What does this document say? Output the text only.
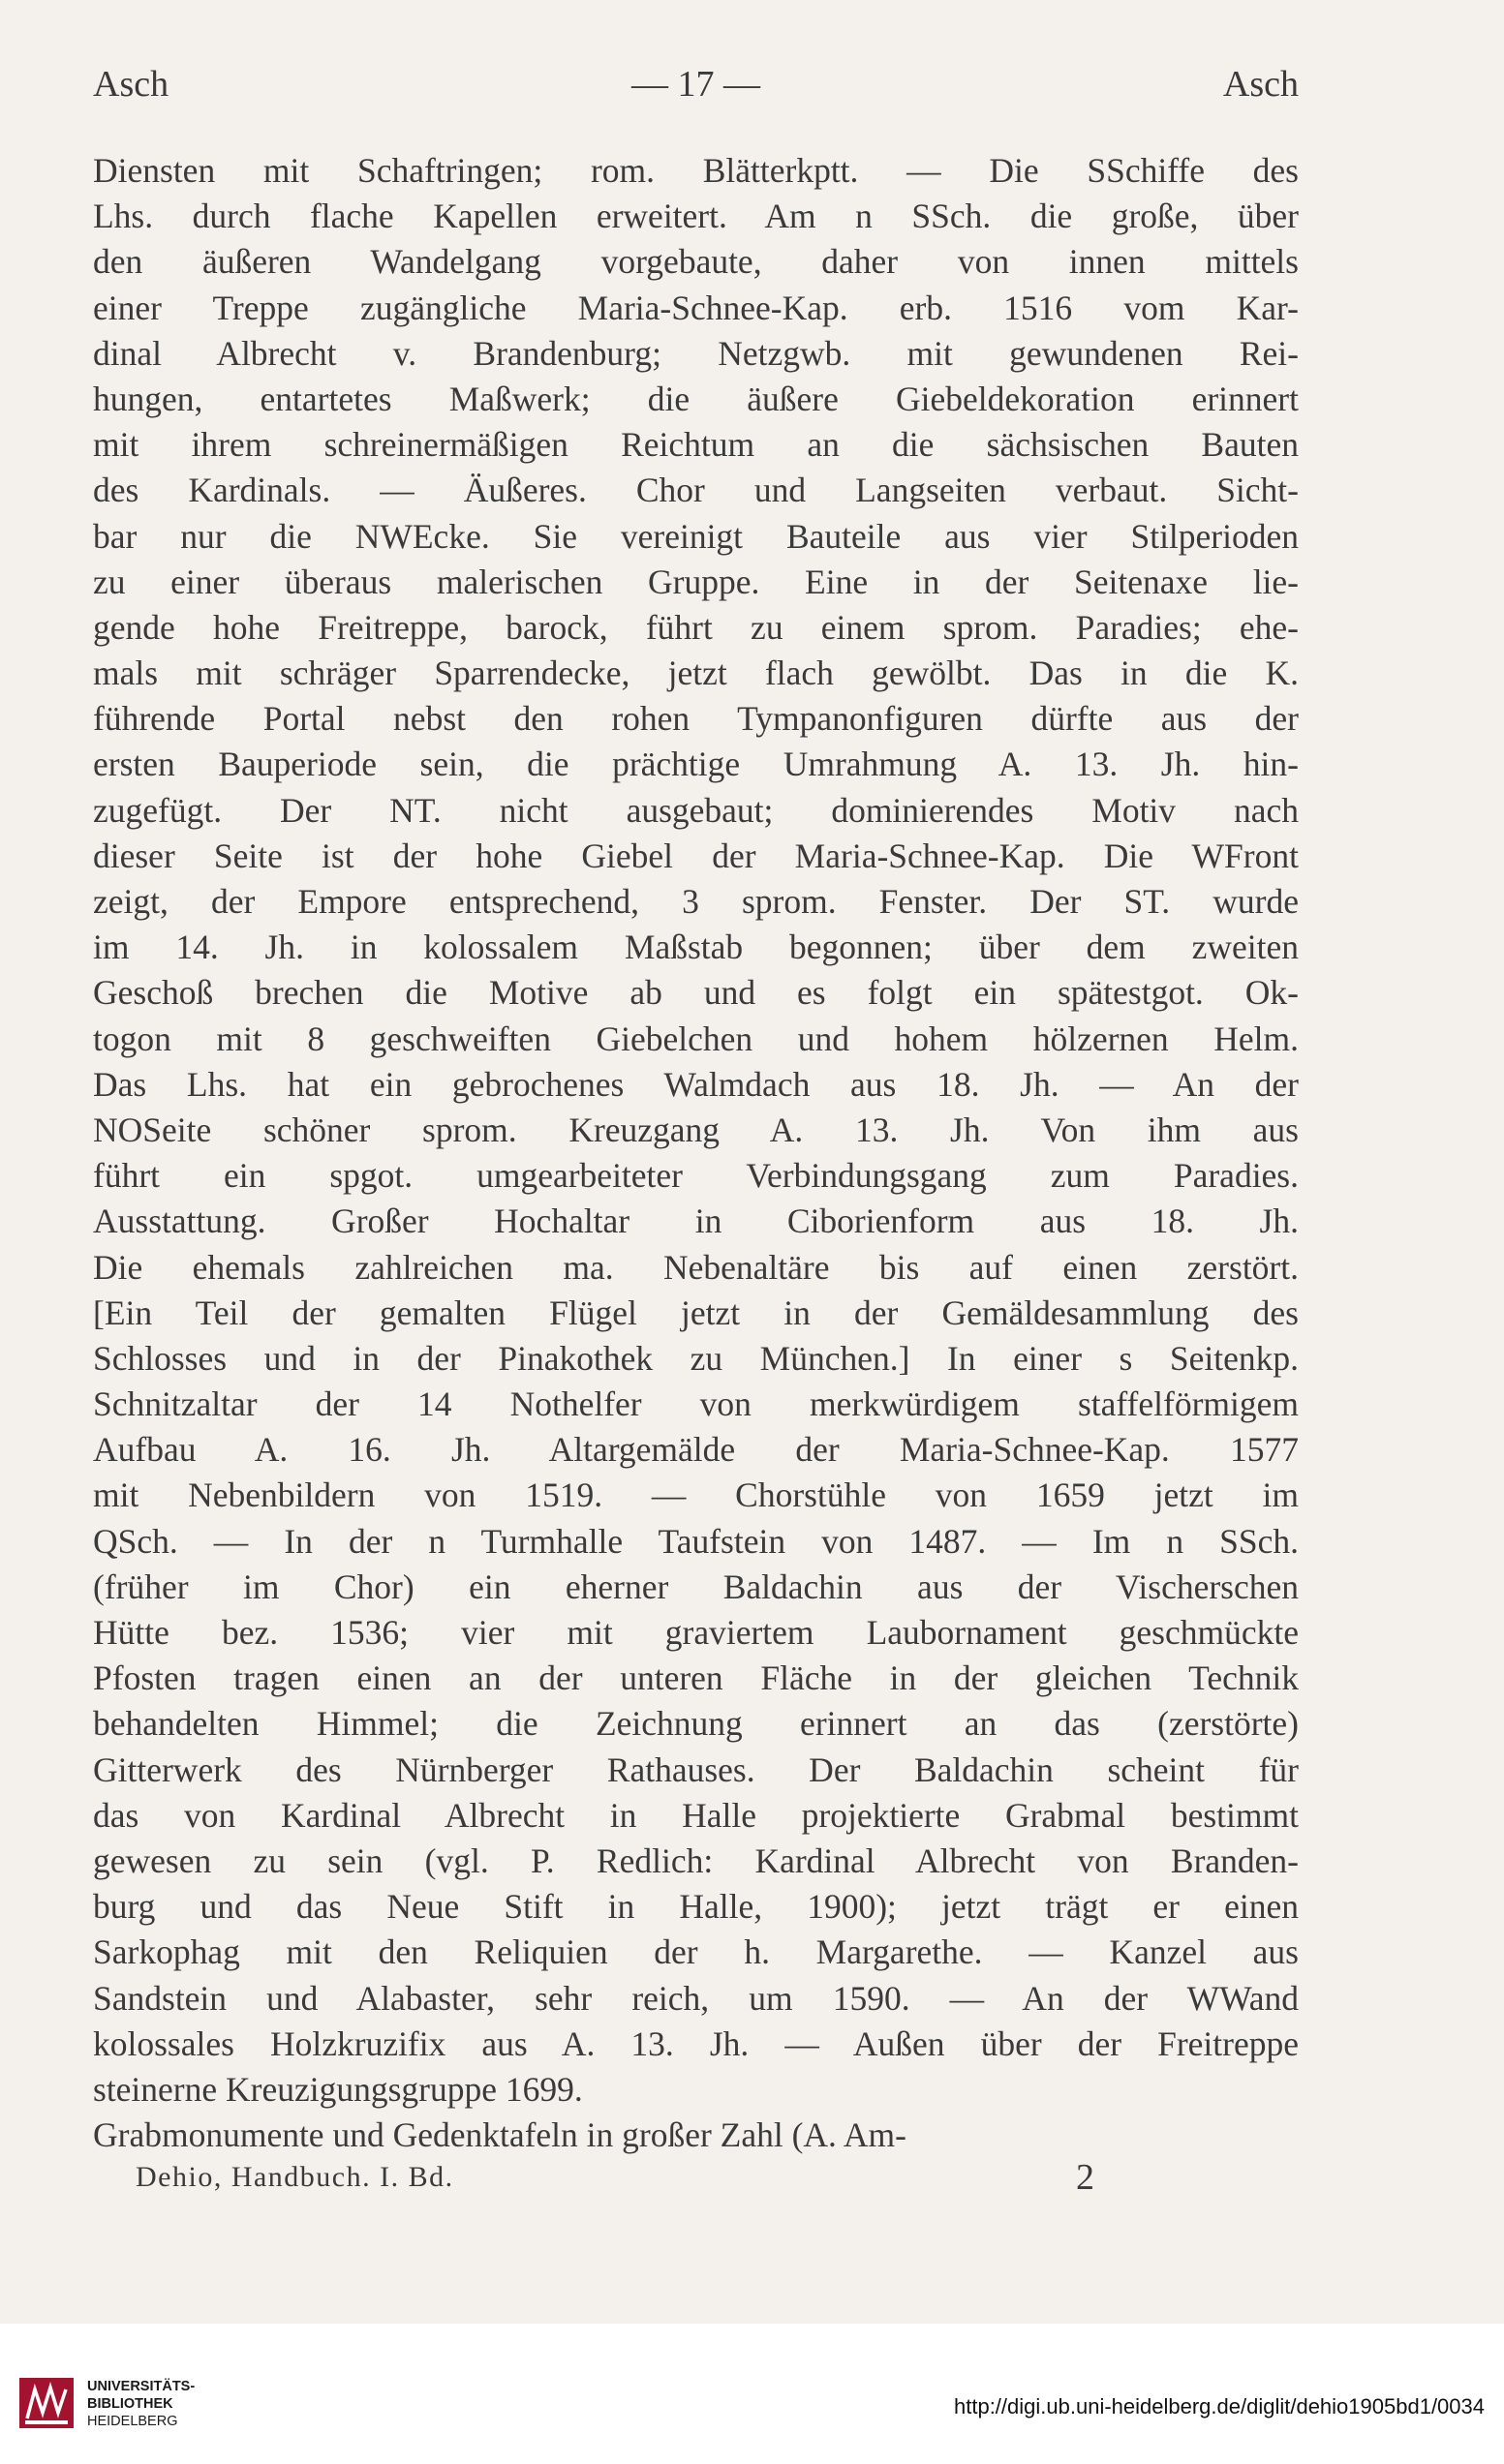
Asch	— 17 —	Asch
Diensten mit Schaftringen; rom. Blätterkptt. — Die SSchiffe des
Lhs. durch flache Kapellen erweitert. Am n SSch. die große, über
den äußeren Wandelgang vorgebaute, daher von innen mittels
einer Treppe zugängliche Maria-Schnee-Kap. erb. 1516 vom Kar-
dinal Albrecht v. Brandenburg; Netzgwb. mit gewundenen Rei-
hungen, entartetes Maßwerk; die äußere Giebeldekoration erinnert
mit ihrem schreinermäßigen Reichtum an die sächsischen Bauten
des Kardinals. — Äußeres. Chor und Langseiten verbaut. Sicht-
bar nur die NWEcke. Sie vereinigt Bauteile aus vier Stilperioden
zu einer überaus malerischen Gruppe. Eine in der Seitenaxe lie-
gende hohe Freitreppe, barock, führt zu einem sprom. Paradies; ehe-
mals mit schräger Sparrendecke, jetzt flach gewölbt. Das in die K.
führende Portal nebst den rohen Tympanonfiguren dürfte aus der
ersten Bauperiode sein, die prächtige Umrahmung A. 13. Jh. hin-
zugefügt. Der NT. nicht ausgebaut; dominierendes Motiv nach
dieser Seite ist der hohe Giebel der Maria-Schnee-Kap. Die WFront
zeigt, der Empore entsprechend, 3 sprom. Fenster. Der ST. wurde
im 14. Jh. in kolossalem Maßstab begonnen; über dem zweiten
Geschoß brechen die Motive ab und es folgt ein spätestgot. Ok-
togon mit 8 geschweiften Giebelchen und hohem hölzernen Helm.
Das Lhs. hat ein gebrochenes Walmdach aus 18. Jh. — An der
NOSeite schöner sprom. Kreuzgang A. 13. Jh. Von ihm aus
führt ein spgot. umgearbeiteter Verbindungsgang zum Paradies.
Ausstattung. Großer Hochaltar in Ciborienform aus 18. Jh.
Die ehemals zahlreichen ma. Nebenaltäre bis auf einen zerstört.
[Ein Teil der gemalten Flügel jetzt in der Gemäldesammlung des
Schlosses und in der Pinakothek zu München.] In einer s Seitenkp.
Schnitzaltar der 14 Nothelfer von merkwürdigem staffelförmigem
Aufbau A. 16. Jh. Altargemälde der Maria-Schnee-Kap. 1577
mit Nebenbildern von 1519. — Chorstühle von 1659 jetzt im
QSch. — In der n Turmhalle Taufstein von 1487. — Im n SSch.
(früher im Chor) ein eherner Baldachin aus der Vischerschen
Hütte bez. 1536; vier mit graviertem Laubornament geschmückte
Pfosten tragen einen an der unteren Fläche in der gleichen Technik
behandelten Himmel; die Zeichnung erinnert an das (zerstörte)
Gitterwerk des Nürnberger Rathauses. Der Baldachin scheint für
das von Kardinal Albrecht in Halle projektierte Grabmal bestimmt
gewesen zu sein (vgl. P. Redlich: Kardinal Albrecht von Branden-
burg und das Neue Stift in Halle, 1900); jetzt trägt er einen
Sarkophag mit den Reliquien der h. Margarethe. — Kanzel aus
Sandstein und Alabaster, sehr reich, um 1590. — An der WWand
kolossales Holzkruzifix aus A. 13. Jh. — Außen über der Freitreppe
steinerne Kreuzigungsgruppe 1699.
Grabmonumente und Gedenktafeln in großer Zahl (A. Am-
Dehio, Handbuch. I. Bd.	2
UNIVERSITÄTS-
BIBLIOTHEK
HEIDELBERG
http://digi.ub.uni-heidelberg.de/diglit/dehio1905bd1/0034
